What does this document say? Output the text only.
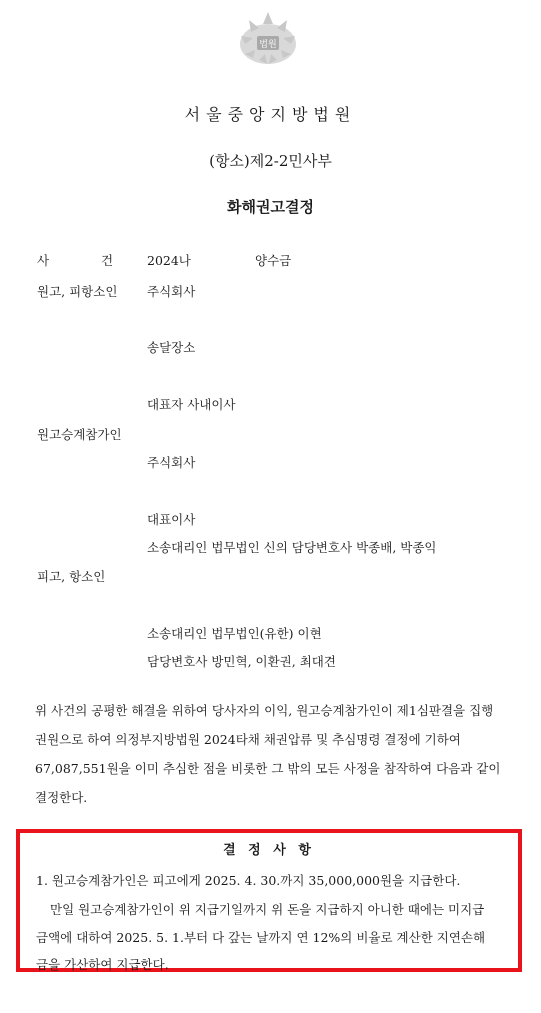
법원
서울중앙지방법원
(항소)제2-2민사부
화해권고결정
사 건 2024나	양수금
원고, 피항소인 주식회사
송달장소
대표자 사내이사
원고승계참가인
주식회사
대표이사
소송대리인 법무법인 신의 담당변호사 박종배, 박종익
피고, 항소인
소송대리인 법무법인(유한) 이현
담당변호사 방민혁, 이환권, 최대견
위 사건의 공평한 해결을 위하여 당사자의 이익, 원고승계참가인이 제1심판결을 집행
권원으로 하여 의정부지방법원 2024타채 채권압류 및 추심명령 결정에 기하여
67,087,551원을 이미 추심한 점을 비롯한 그 밖의 모든 사정을 참작하여 다음과 같이
결정한다.
결 정 사 항
1. 원고승계참가인은 피고에게 2025. 4. 30.까지 35,000,000원을 지급한다.
만일 원고승계참가인이 위 지급기일까지 위 돈을 지급하지 아니한 때에는 미지급
금액에 대하여 2025. 5. 1.부터 다 갚는 날까지 연 12%의 비율로 계산한 지연손해
금을 가산하여 지급한다.
